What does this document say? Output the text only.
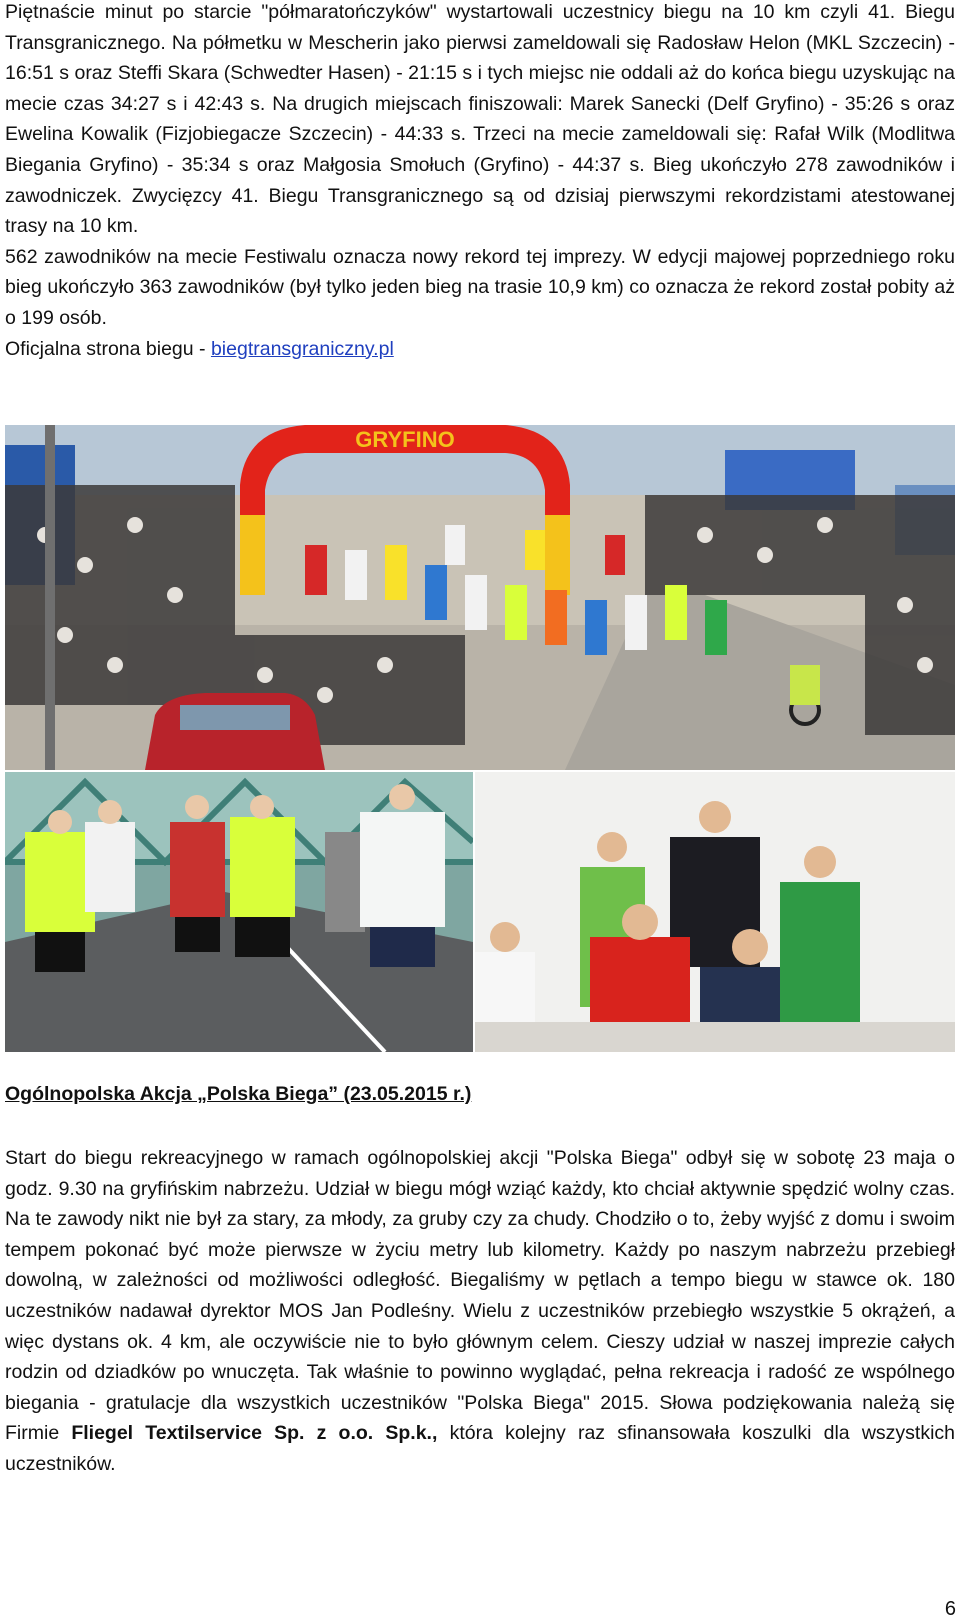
Piętnaście minut po starcie "półmaratończyków" wystartowali uczestnicy biegu na 10 km czyli 41. Biegu Transgranicznego. Na półmetku w Mescherin jako pierwsi zameldowali się Radosław Helon (MKL Szczecin) - 16:51 s oraz Steffi Skara (Schwedter Hasen) - 21:15 s i tych miejsc nie oddali aż do końca biegu uzyskując na mecie czas 34:27 s i 42:43 s. Na drugich miejscach finiszowali: Marek Sanecki (Delf Gryfino) - 35:26 s oraz Ewelina Kowalik (Fizjobiegacze Szczecin) - 44:33 s. Trzeci na mecie zameldowali się: Rafał Wilk (Modlitwa Biegania Gryfino) - 35:34 s oraz Małgosia Smołuch (Gryfino) - 44:37 s. Bieg ukończyło 278 zawodników i zawodniczek. Zwycięzcy 41. Biegu Transgranicznego są od dzisiaj pierwszymi rekordzistami atestowanej trasy na 10 km.

562 zawodników na mecie Festiwalu oznacza nowy rekord tej imprezy. W edycji majowej poprzedniego roku bieg ukończyło 363 zawodników (był tylko jeden bieg na trasie 10,9 km) co oznacza że rekord został pobity aż o 199 osób.

Oficjalna strona biegu - biegtransgraniczny.pl

GRYFINO
Ogólnopolska Akcja „Polska Biega” (23.05.2015 r.)

Start do biegu rekreacyjnego w ramach ogólnopolskiej akcji "Polska Biega" odbył się w sobotę 23 maja o godz. 9.30 na gryfińskim nabrzeżu. Udział w biegu mógł wziąć każdy, kto chciał aktywnie spędzić wolny czas. Na te zawody nikt nie był za stary, za młody, za gruby czy za chudy. Chodziło o to, żeby wyjść z domu i swoim tempem pokonać być może pierwsze w życiu metry lub kilometry. Każdy po naszym nabrzeżu przebiegł dowolną, w zależności od możliwości odległość. Biegaliśmy w pętlach a tempo biegu w stawce ok. 180 uczestników nadawał dyrektor MOS Jan Podleśny. Wielu z uczestników przebiegło wszystkie 5 okrążeń, a więc dystans ok. 4 km, ale oczywiście nie to było głównym celem. Cieszy udział w naszej imprezie całych rodzin od dziadków po wnuczęta. Tak właśnie to powinno wyglądać, pełna rekreacja i radość ze wspólnego biegania - gratulacje dla wszystkich uczestników "Polska Biega" 2015. Słowa podziękowania należą się Firmie Fliegel Textilservice Sp. z o.o. Sp.k., która kolejny raz sfinansowała koszulki dla wszystkich uczestników.

6
